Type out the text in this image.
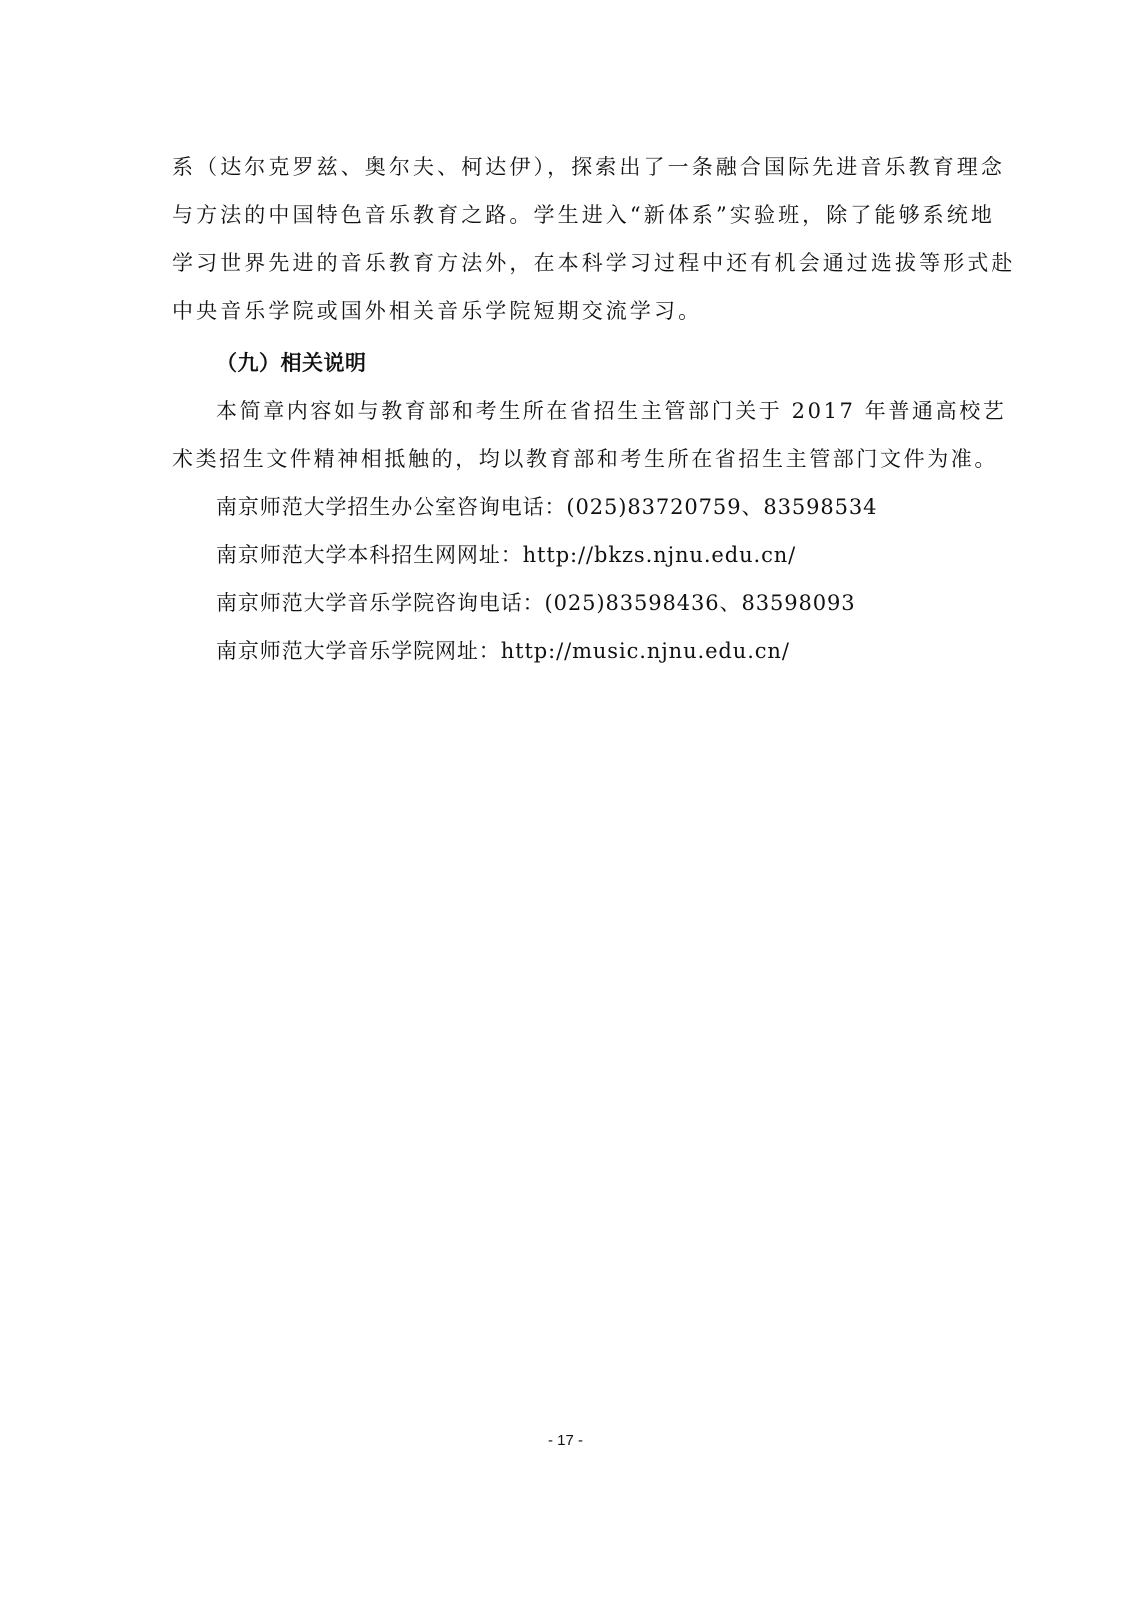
系（达尔克罗兹、奥尔夫、柯达伊），探索出了一条融合国际先进音乐教育理念
与方法的中国特色音乐教育之路。学生进入“新体系”实验班，除了能够系统地
学习世界先进的音乐教育方法外，在本科学习过程中还有机会通过选拔等形式赴
中央音乐学院或国外相关音乐学院短期交流学习。
（九）相关说明
本简章内容如与教育部和考生所在省招生主管部门关于 2017 年普通高校艺
术类招生文件精神相抵触的，均以教育部和考生所在省招生主管部门文件为准。
南京师范大学招生办公室咨询电话：(025)83720759、83598534
南京师范大学本科招生网网址：http://bkzs.njnu.edu.cn/
南京师范大学音乐学院咨询电话：(025)83598436、83598093
南京师范大学音乐学院网址：http://music.njnu.edu.cn/
- 17 -
